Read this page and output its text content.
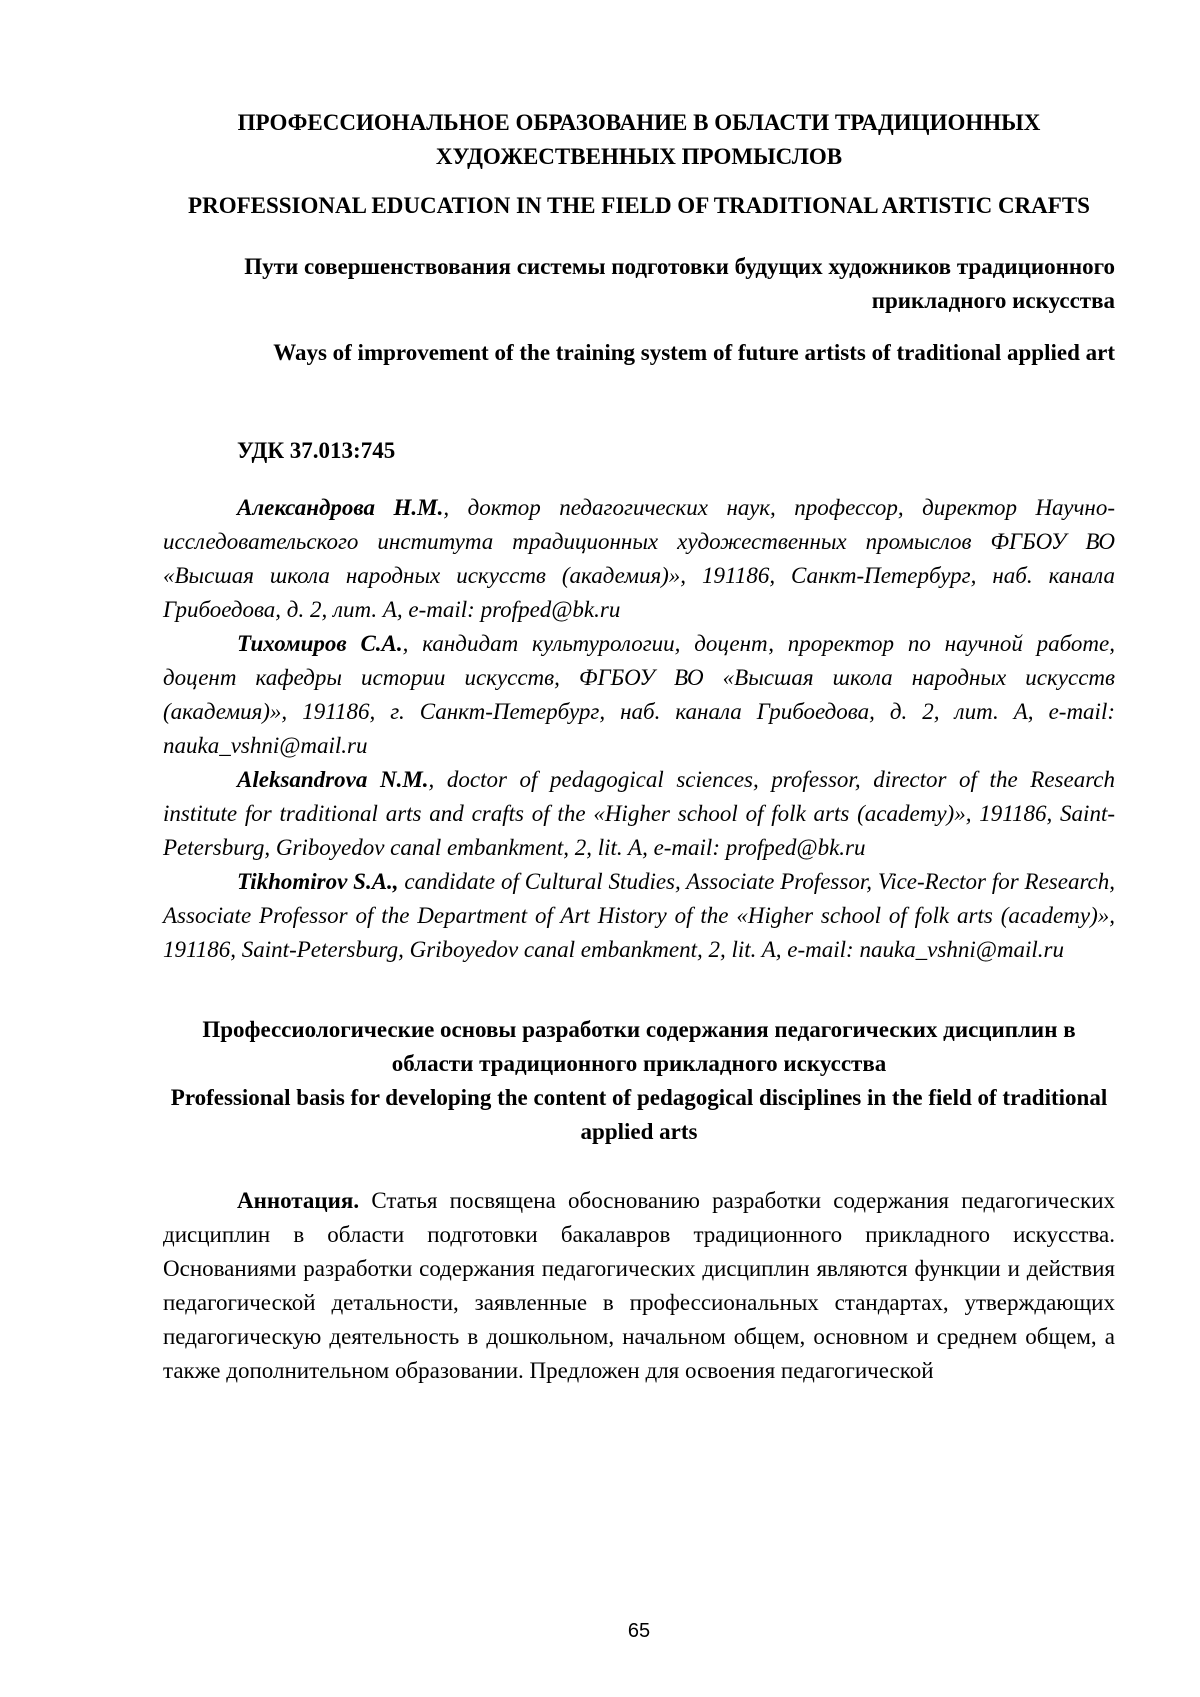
ПРОФЕССИОНАЛЬНОЕ ОБРАЗОВАНИЕ В ОБЛАСТИ ТРАДИЦИОННЫХ ХУДОЖЕСТВЕННЫХ ПРОМЫСЛОВ
PROFESSIONAL EDUCATION IN THE FIELD OF TRADITIONAL ARTISTIC CRAFTS
Пути совершенствования системы подготовки будущих художников традиционного прикладного искусства
Ways of improvement of the training system of future artists of traditional applied art
УДК 37.013:745

Александрова Н.М., доктор педагогических наук, профессор, директор Научно-исследовательского института традиционных художественных промыслов ФГБОУ ВО «Высшая школа народных искусств (академия)», 191186, Санкт-Петербург, наб. канала Грибоедова, д. 2, лит. А, e-mail: profped@bk.ru

Тихомиров С.А., кандидат культурологии, доцент, проректор по научной работе, доцент кафедры истории искусств, ФГБОУ ВО «Высшая школа народных искусств (академия)», 191186, г. Санкт-Петербург, наб. канала Грибоедова, д. 2, лит. А, e-mail: nauka_vshni@mail.ru

Aleksandrova N.M., doctor of pedagogical sciences, professor, director of the Research institute for traditional arts and crafts of the «Higher school of folk arts (academy)», 191186, Saint-Petersburg, Griboyedov canal embankment, 2, lit. A, e-mail: profped@bk.ru

Tikhomirov S.A., candidate of Cultural Studies, Associate Professor, Vice-Rector for Research, Associate Professor of the Department of Art History of the «Higher school of folk arts (academy)», 191186, Saint-Petersburg, Griboyedov canal embankment, 2, lit. A, e-mail: nauka_vshni@mail.ru

Профессиологические основы разработки содержания педагогических дисциплин в области традиционного прикладного искусства
Professional basis for developing the content of pedagogical disciplines in the field of traditional applied arts

Аннотация. Статья посвящена обоснованию разработки содержания педагогических дисциплин в области подготовки бакалавров традиционного прикладного искусства. Основаниями разработки содержания педагогических дисциплин являются функции и действия педагогической детальности, заявленные в профессиональных стандартах, утверждающих педагогическую деятельность в дошкольном, начальном общем, основном и среднем общем, а также дополнительном образовании. Предложен для освоения педагогической

65
